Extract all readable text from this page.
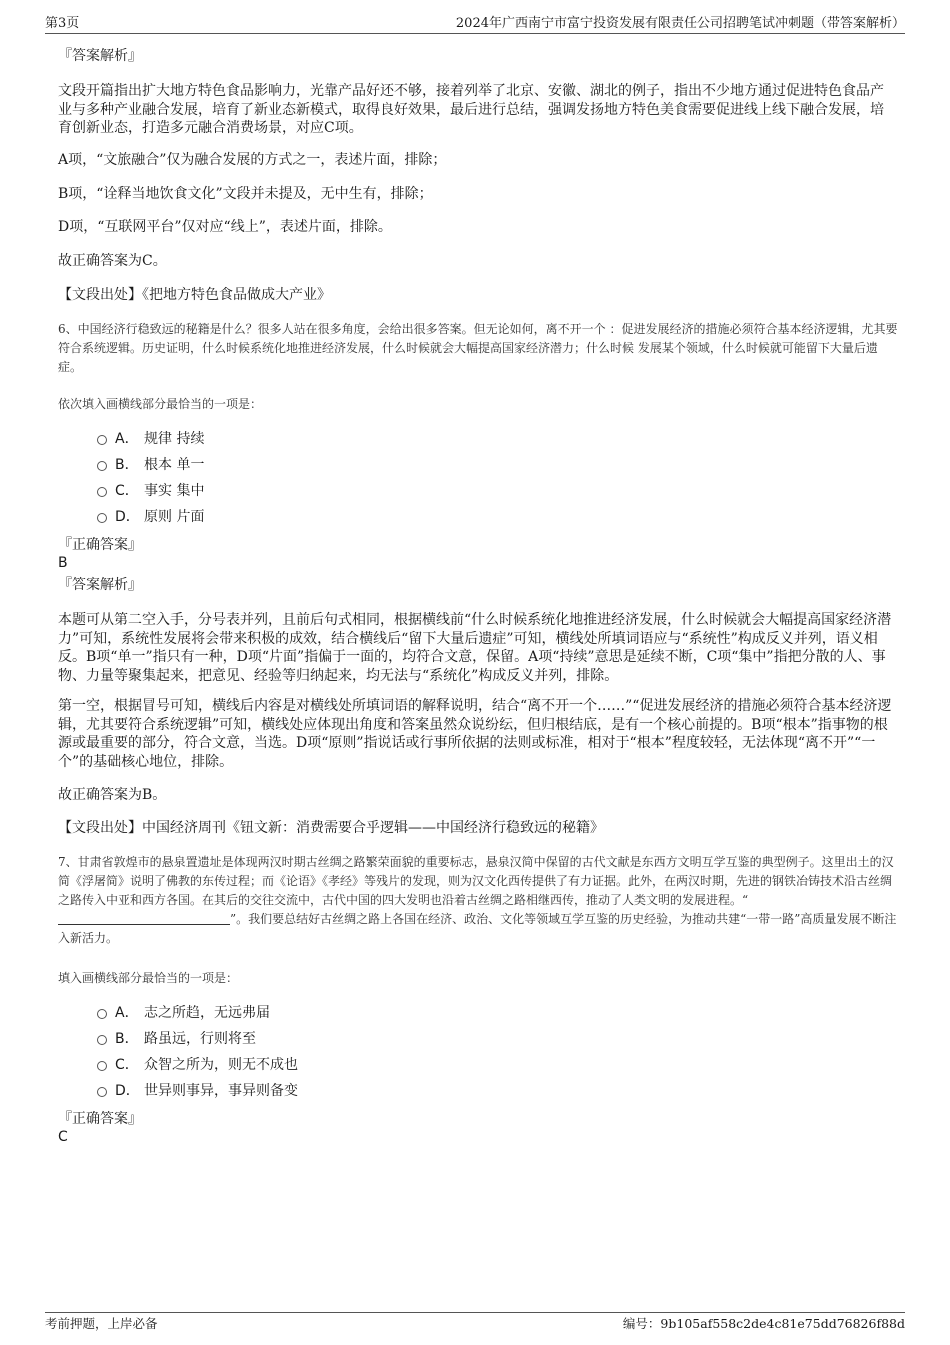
第3页	2024年广西南宁市富宁投资发展有限责任公司招聘笔试冲刺题（带答案解析）
『答案解析』
文段开篇指出扩大地方特色食品影响力，光靠产品好还不够，接着列举了北京、安徽、湖北的例子，指出不少地方通过促进特色食品产业与多种产业融合发展，培育了新业态新模式，取得良好效果，最后进行总结，强调发扬地方特色美食需要促进线上线下融合发展，培育创新业态，打造多元融合消费场景，对应C项。
A项，“文旅融合”仅为融合发展的方式之一，表述片面，排除；
B项，“诠释当地饮食文化”文段并未提及，无中生有，排除；
D项，“互联网平台”仅对应“线上”，表述片面，排除。
故正确答案为C。
【文段出处】《把地方特色食品做成大产业》
6、中国经济行稳致远的秘籍是什么？很多人站在很多角度，会给出很多答案。但无论如何，离不开一个 ：促进发展经济的措施必须符合基本经济逻辑，尤其要符合系统逻辑。历史证明，什么时候系统化地推进经济发展，什么时候就会大幅提高国家经济潜力；什么时候 发展某个领域，什么时候就可能留下大量后遗症。
依次填入画横线部分最恰当的一项是：
A． 规律 持续
B． 根本 单一
C． 事实 集中
D． 原则 片面
『正确答案』
B
『答案解析』
本题可从第二空入手，分号表并列，且前后句式相同，根据横线前“什么时候系统化地推进经济发展，什么时候就会大幅提高国家经济潜力”可知，系统性发展将会带来积极的成效，结合横线后“留下大量后遗症”可知，横线处所填词语应与“系统性”构成反义并列，语义相反。B项“单一”指只有一种，D项“片面”指偏于一面的，均符合文意，保留。A项“持续”意思是延续不断，C项“集中”指把分散的人、事物、力量等聚集起来，把意见、经验等归纳起来，均无法与“系统化”构成反义并列，排除。
第一空，根据冒号可知，横线后内容是对横线处所填词语的解释说明，结合“离不开一个……”“促进发展经济的措施必须符合基本经济逻辑，尤其要符合系统逻辑”可知，横线处应体现出角度和答案虽然众说纷纭，但归根结底，是有一个核心前提的。B项“根本”指事物的根源或最重要的部分，符合文意，当选。D项“原则”指说话或行事所依据的法则或标准，相对于“根本”程度较轻，无法体现“离不开”“一个”的基础核心地位，排除。
故正确答案为B。
【文段出处】中国经济周刊《钮文新：消费需要合乎逻辑——中国经济行稳致远的秘籍》
7、甘肃省敦煌市的悬泉置遗址是体现两汉时期古丝绸之路繁荣面貌的重要标志，悬泉汉简中保留的古代文献是东西方文明互学互鉴的典型例子。这里出土的汉简《浮屠简》说明了佛教的东传过程；而《论语》《孝经》等残片的发现，则为汉文化西传提供了有力证据。此外，在两汉时期，先进的钢铁冶铸技术沿古丝绸之路传入中亚和西方各国。在其后的交往交流中，古代中国的四大发明也沿着古丝绸之路相继西传，推动了人类文明的发展进程。“”。我们要总结好古丝绸之路上各国在经济、政治、文化等领域互学互鉴的历史经验，为推动共建“一带一路”高质量发展不断注入新活力。
填入画横线部分最恰当的一项是：
A． 志之所趋，无远弗届
B． 路虽远，行则将至
C． 众智之所为，则无不成也
D． 世异则事异，事异则备变
『正确答案』
C
考前押题，上岸必备	编号：9b105af558c2de4c81e75dd76826f88d
